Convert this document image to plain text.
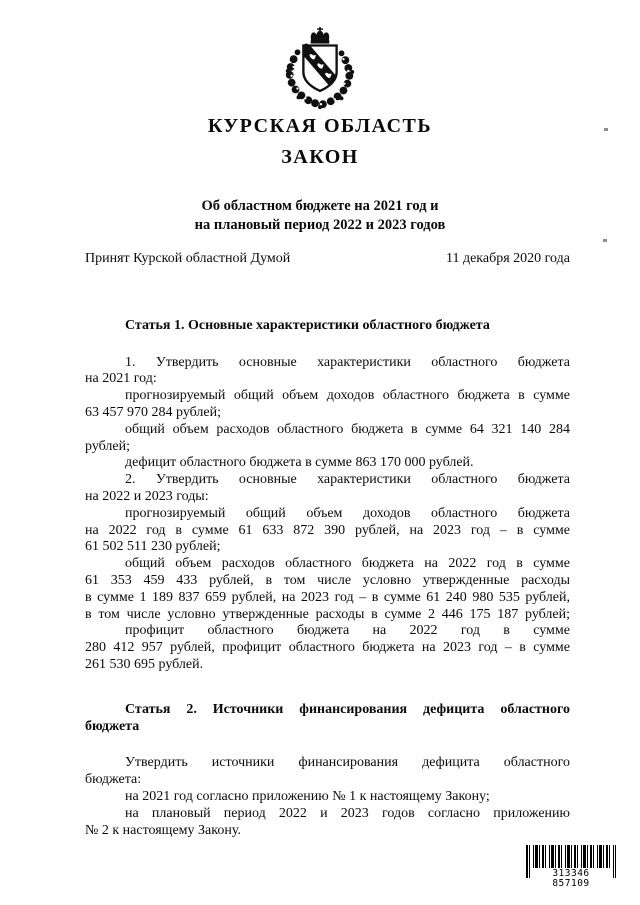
КУРСКАЯ ОБЛАСТЬ
ЗАКОН
Об областном бюджете на 2021 год и
на плановый период 2022 и 2023 годов
Принят Курской областной Думой	11 декабря 2020 года
Статья 1. Основные характеристики областного бюджета
1. Утвердить основные характеристики областного бюджета
на 2021 год:
прогнозируемый общий объем доходов областного бюджета в сумме
63 457 970 284 рублей;
общий объем расходов областного бюджета в сумме 64 321 140 284
рублей;
дефицит областного бюджета в сумме 863 170 000 рублей.
2. Утвердить основные характеристики областного бюджета
на 2022 и 2023 годы:
прогнозируемый общий объем доходов областного бюджета
на 2022 год в сумме 61 633 872 390 рублей, на 2023 год – в сумме
61 502 511 230 рублей;
общий объем расходов областного бюджета на 2022 год в сумме
61 353 459 433 рублей, в том числе условно утвержденные расходы
в сумме 1 189 837 659 рублей, на 2023 год – в сумме 61 240 980 535 рублей,
в том числе условно утвержденные расходы в сумме 2 446 175 187 рублей;
профицит областного бюджета на 2022 год в сумме
280 412 957 рублей, профицит областного бюджета на 2023 год – в сумме
261 530 695 рублей.
Статья 2. Источники финансирования дефицита областного
бюджета
Утвердить источники финансирования дефицита областного
бюджета:
на 2021 год согласно приложению № 1 к настоящему Закону;
на плановый период 2022 и 2023 годов согласно приложению
№ 2 к настоящему Закону.
313346 857109
